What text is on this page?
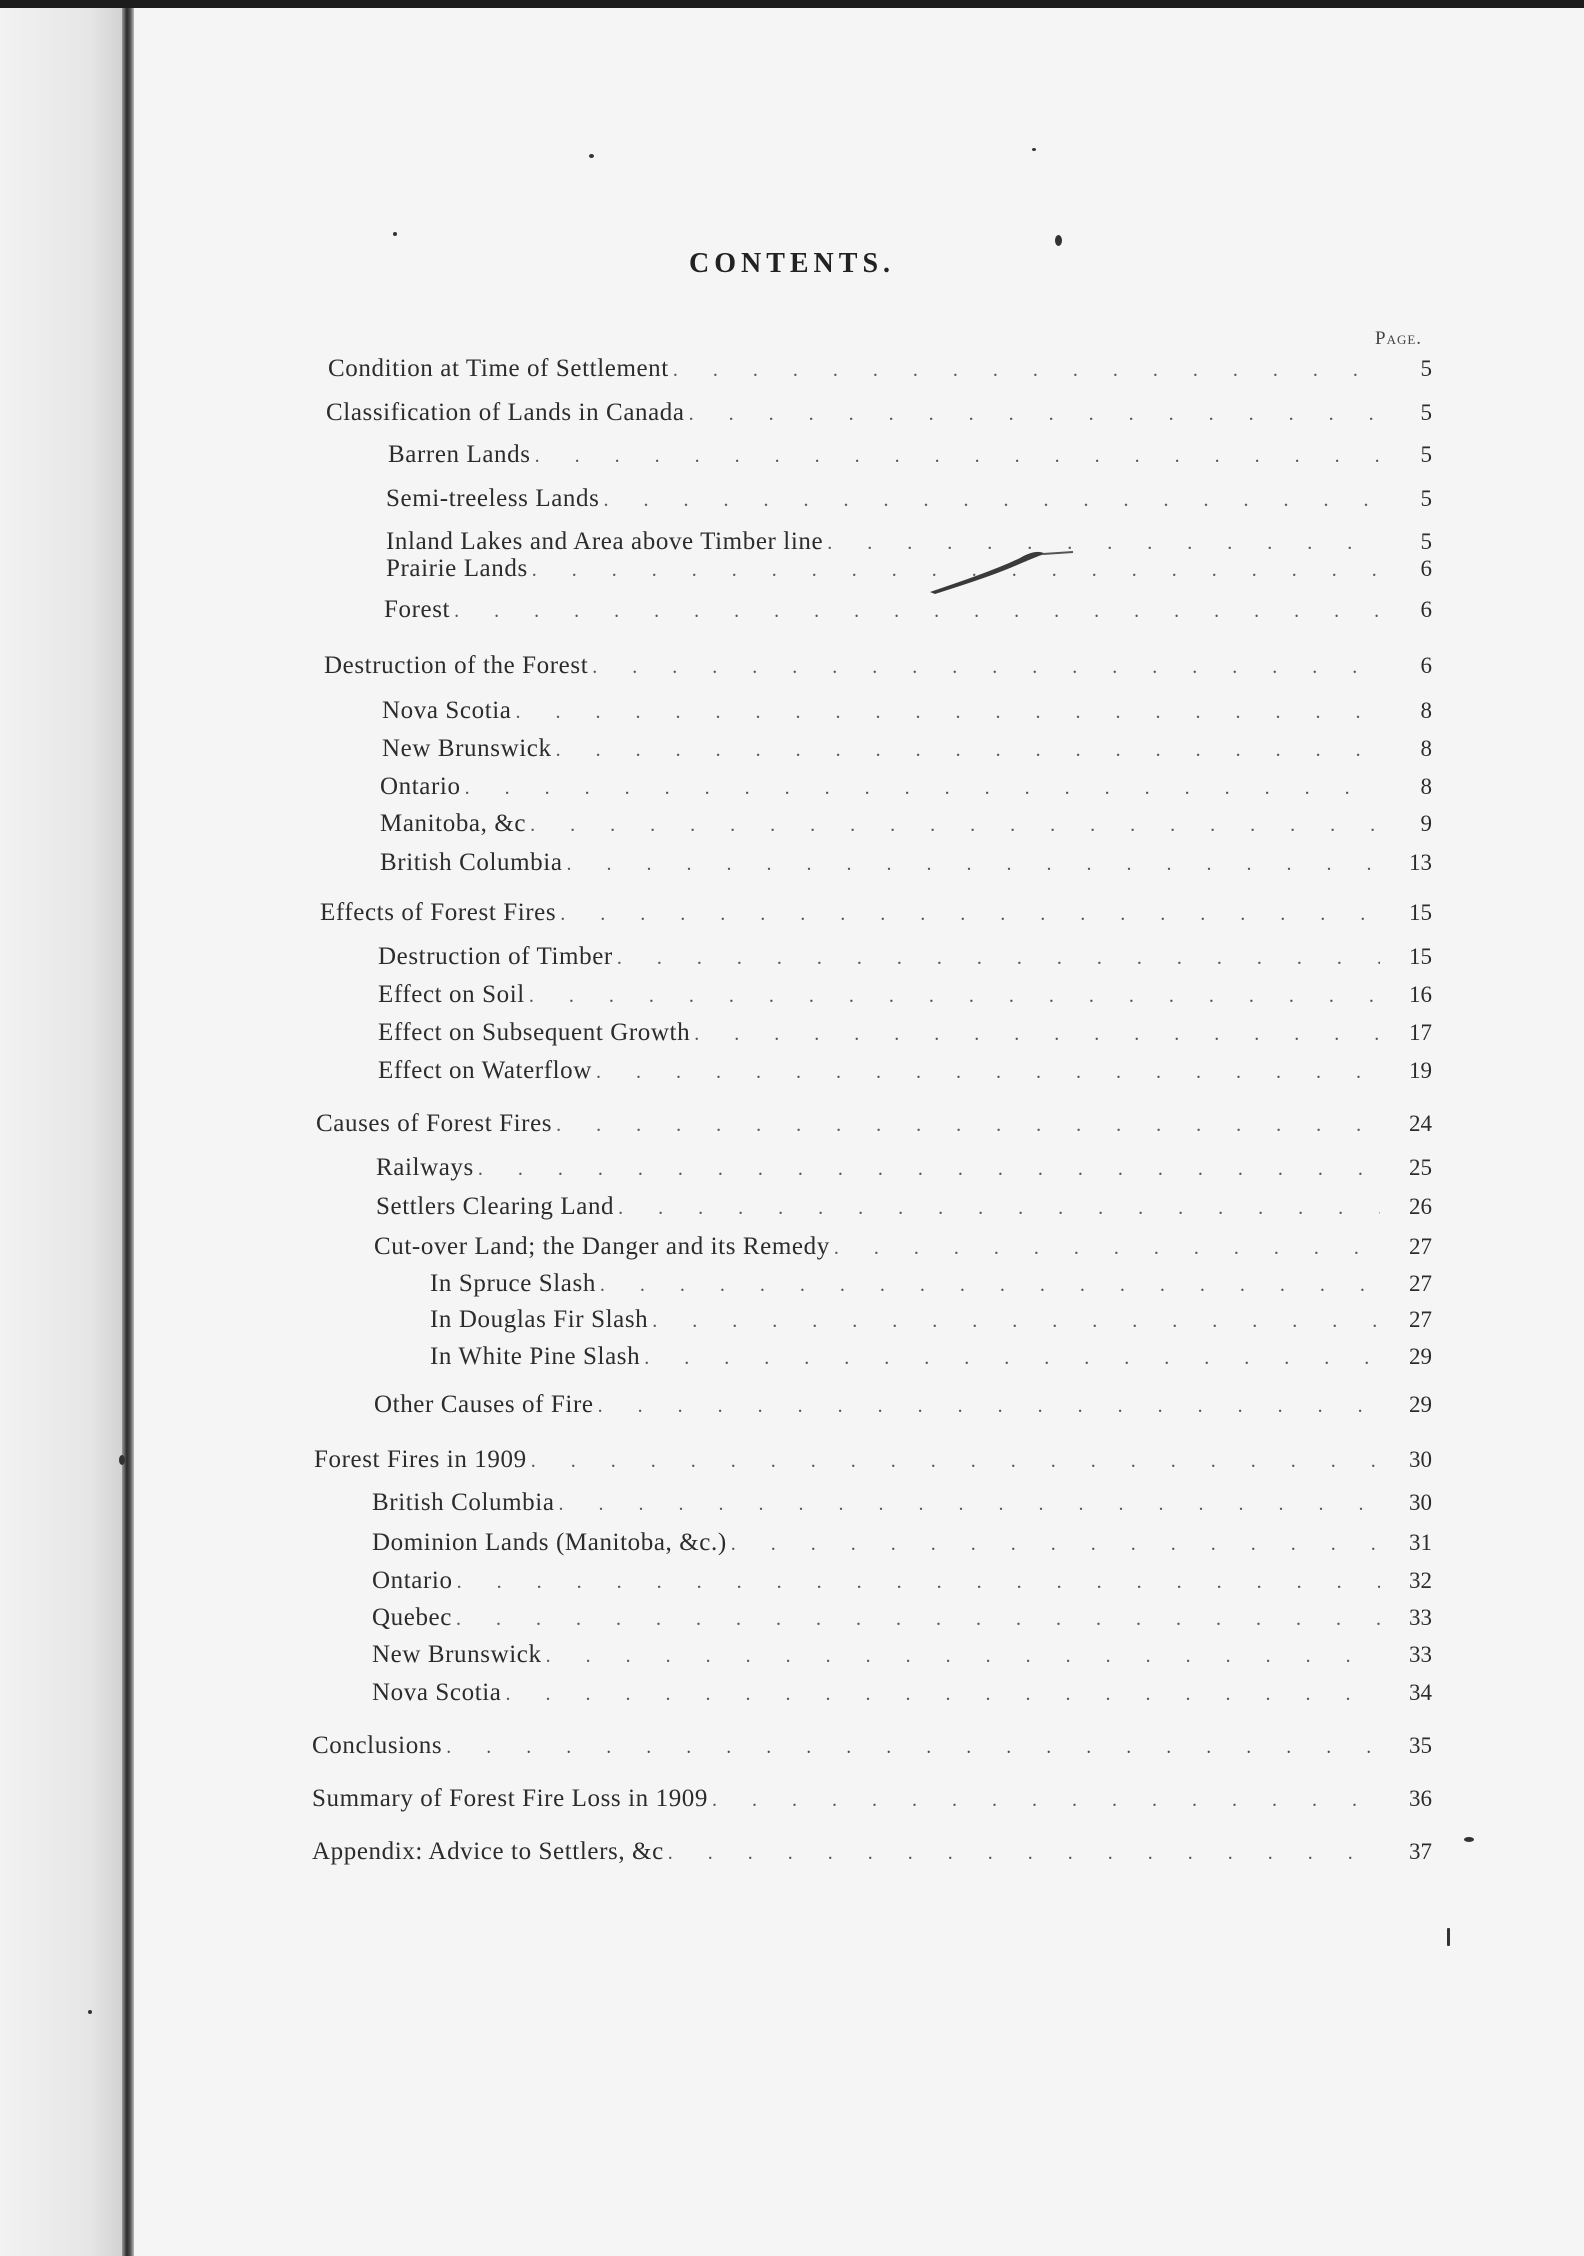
CONTENTS.
Page.
Condition at Time of Settlement . . .	5
Classification of Lands in Canada . . .	5
Barren Lands . . .	5
Semi-treeless Lands . . .	5
Inland Lakes and Area above Timber line . . .	5
Prairie Lands . . .	6
Forest . . .	6
Destruction of the Forest . . .	6
Nova Scotia . . .	8
New Brunswick . . .	8
Ontario . . .	8
Manitoba, &c . . .	9
British Columbia . . .	13
Effects of Forest Fires . . .	15
Destruction of Timber . . .	15
Effect on Soil . . .	16
Effect on Subsequent Growth . . .	17
Effect on Waterflow . . .	19
Causes of Forest Fires . . .	24
Railways . . .	25
Settlers Clearing Land . . .	26
Cut-over Land; the Danger and its Remedy . . .	27
In Spruce Slash . . .	27
In Douglas Fir Slash . . .	27
In White Pine Slash . . .	29
Other Causes of Fire . . .	29
Forest Fires in 1909 . . .	30
British Columbia . . .	30
Dominion Lands (Manitoba, &c.) . . .	31
Ontario . . .	32
Quebec . . .	33
New Brunswick . . .	33
Nova Scotia . . .	34
Conclusions . . .	35
Summary of Forest Fire Loss in 1909 . . .	36
Appendix: Advice to Settlers, &c . . .	37
